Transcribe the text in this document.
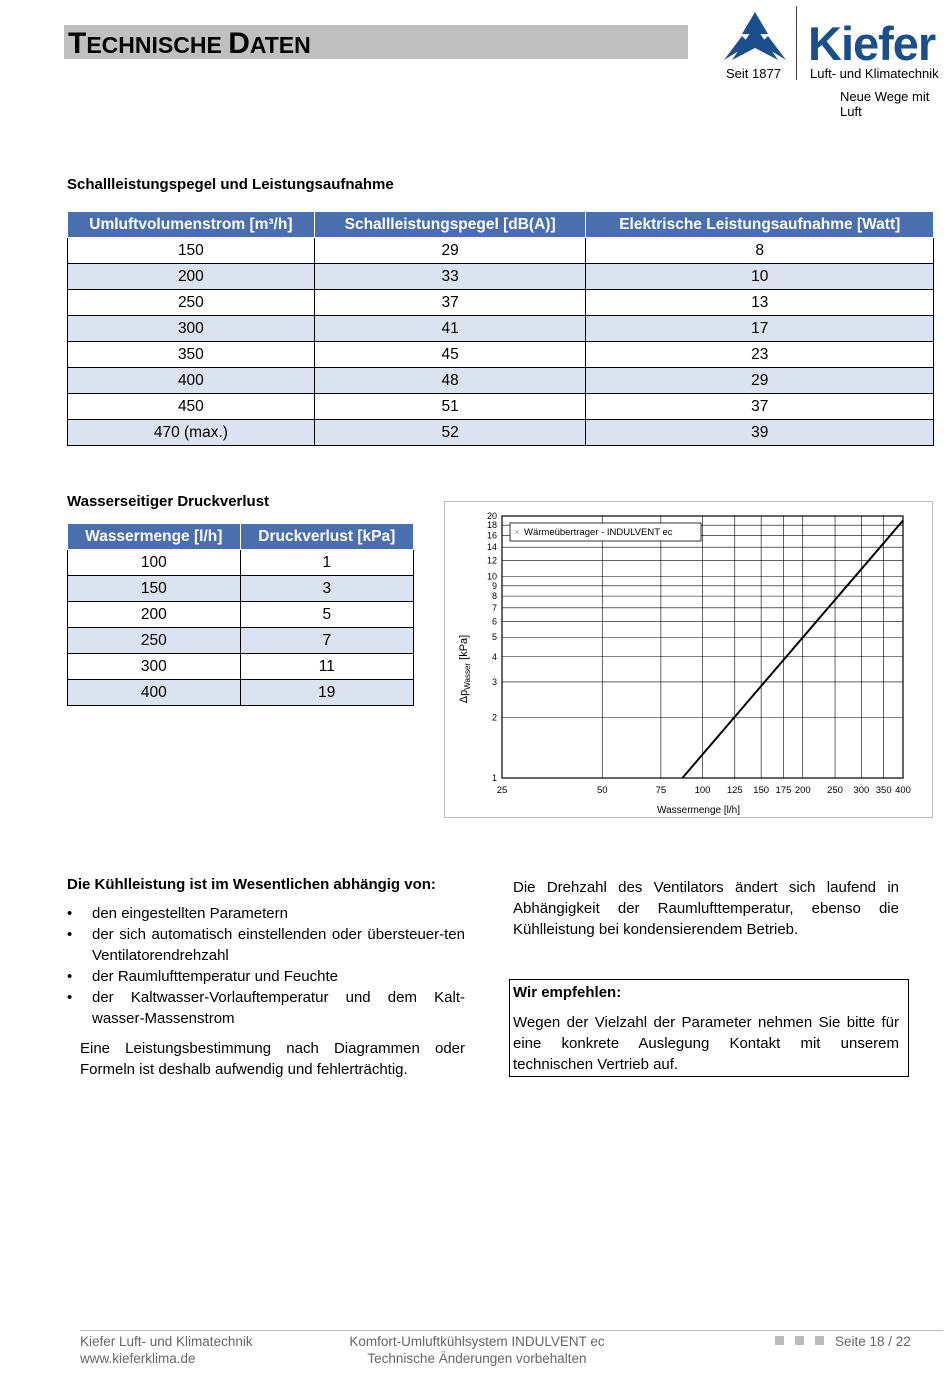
TECHNISCHE DATEN	Kiefer
Seit 1877 Luft- und Klimatechnik
Neue Wege mit Luft
Schallleistungspegel und Leistungsaufnahme
Umluftvolumenstrom [m³/h]	Schallleistungspegel [dB(A)]	Elektrische Leistungsaufnahme [Watt]
150	29	8
200	33	10
250	37	13
300	41	17
350	45	23
400	48	29
450	51	37
470 (max.)	52	39
Wasserseitiger Druckverlust
Wassermenge [l/h]	Druckverlust [kPa]
100	1
150	3
200	5
250	7
300	11
400	19
25	50	75	100 125 150 175 200 250 300 350 400
1
2
3
4
5
6
7
8
9
10
12
14
16
18
20
Wärmeübertrager - INDULVENT ec
×
Wassermenge [l/h]
$\Delta p_{Wasser}$ [kPa]
Die Kühlleistung ist im Wesentlichen abhängig von:
• den eingestellten Parametern
• der sich automatisch einstellenden oder übersteuer-ten Ventilatorendrehzahl
• der Raumlufttemperatur und Feuchte
• der Kaltwasser-Vorlauftemperatur und dem Kalt-wasser-Massenstrom
Eine Leistungsbestimmung nach Diagrammen oder Formeln ist deshalb aufwendig und fehlerträchtig.
Die Drehzahl des Ventilators ändert sich laufend in Abhängigkeit der Raumlufttemperatur, ebenso die Kühlleistung bei kondensierendem Betrieb.
Wir empfehlen:
Wegen der Vielzahl der Parameter nehmen Sie bitte für eine konkrete Auslegung Kontakt mit unserem technischen Vertrieb auf.
Kiefer Luft- und Klimatechnik
www.kieferklima.de
Komfort-Umluftkühlsystem INDULVENT ec
Technische Änderungen vorbehalten
Seite 18 / 22
